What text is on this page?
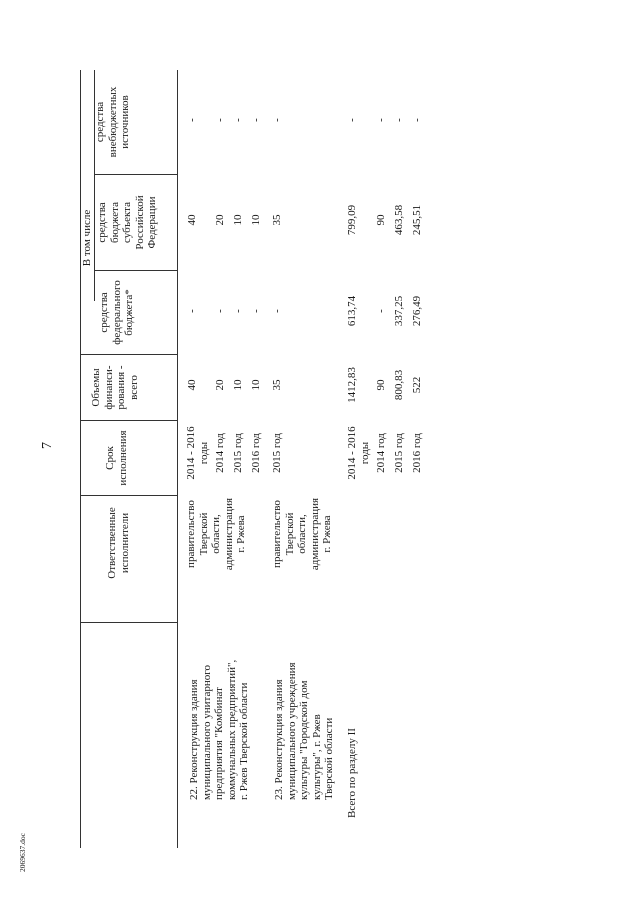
7
2069637.doc
Ответственные
исполнители
Срок
исполнения
Объемы
финанси-
рования -
всего
В том числе
средства
федерального
бюджета*
средства
бюджета
субъекта
Российской
Федерации
средства
внебюджетных
источников
22. Реконструкция здания
муниципального унитарного
предприятия "Комбинат
коммунальных предприятий",
г. Ржев Тверской области
правительство
Тверской области,
администрация
г. Ржева
2014 - 2016
годы
40
-
40
-
2014 год
20
-
20
-
2015 год
10
-
10
-
2016 год
10
-
10
-
23. Реконструкция здания
муниципального учреждения
культуры "Городской дом
культуры", г. Ржев
Тверской области
правительство
Тверской области,
администрация
г. Ржева
2015 год
35
-
35
-
Всего по разделу II
2014 - 2016
годы
1412,83
613,74
799,09
-
2014 год
90
-
90
-
2015 год
800,83
337,25
463,58
-
2016 год
522
276,49
245,51
-
